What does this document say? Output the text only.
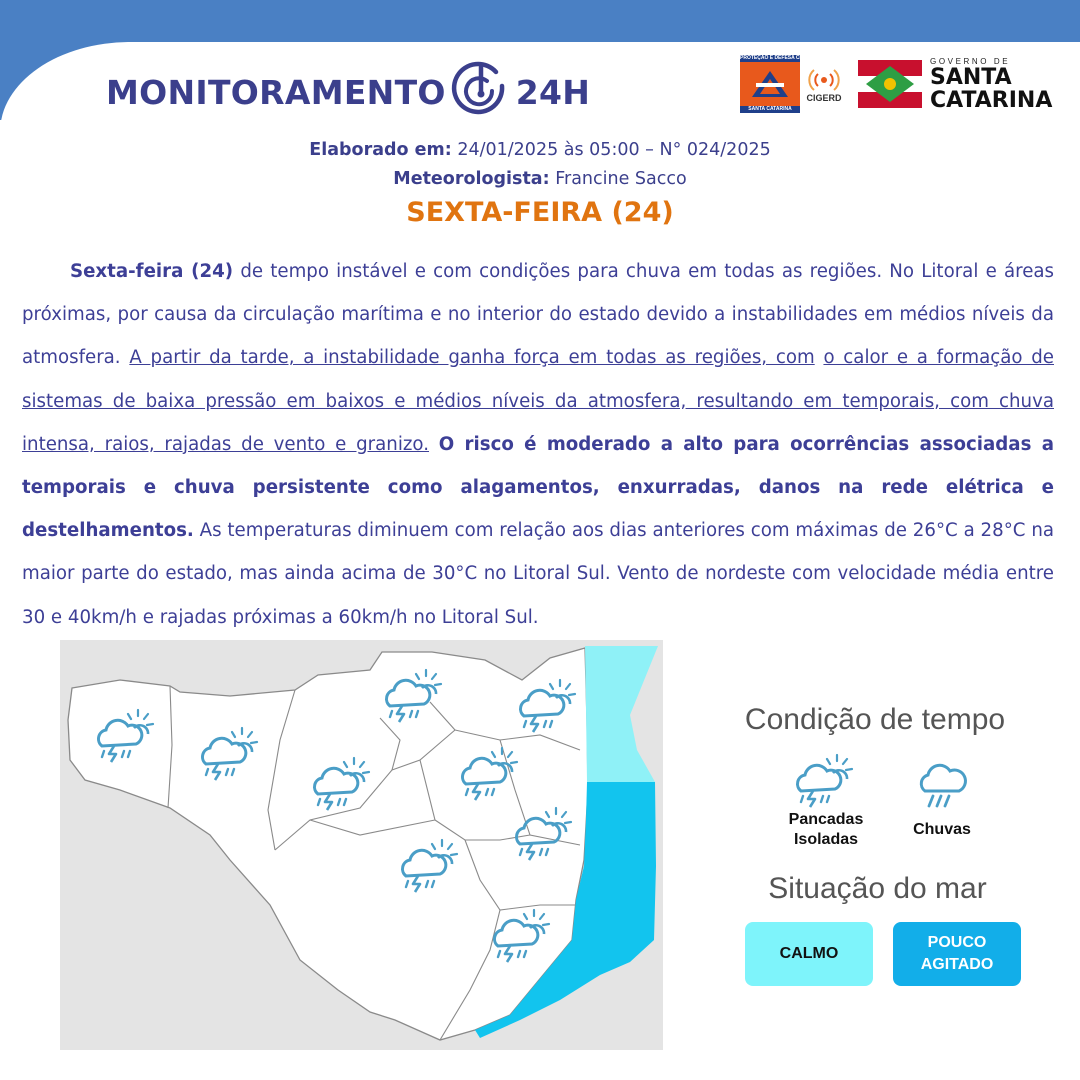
MONITORAMENTO 24H
PROTEÇÃO E DEFESA CIVIL
SANTA CATARINA
CIGERD
GOVERNO DE
SANTA
CATARINA
Elaborado em: 24/01/2025 às 05:00 – N° 024/2025
Meteorologista: Francine Sacco
SEXTA-FEIRA (24)
Sexta-feira (24) de tempo instável e com condições para chuva em todas as regiões. No Litoral e áreas próximas, por causa da circulação marítima e no interior do estado devido a instabilidades em médios níveis da atmosfera. A partir da tarde, a instabilidade ganha força em todas as regiões, com o calor e a formação de sistemas de baixa pressão em baixos e médios níveis da atmosfera, resultando em temporais, com chuva intensa, raios, rajadas de vento e granizo. O risco é moderado a alto para ocorrências associadas a temporais e chuva persistente como alagamentos, enxurradas, danos na rede elétrica e destelhamentos. As temperaturas diminuem com relação aos dias anteriores com máximas de 26°C a 28°C na maior parte do estado, mas ainda acima de 30°C no Litoral Sul. Vento de nordeste com velocidade média entre 30 e 40km/h e rajadas próximas a 60km/h no Litoral Sul.
Condição de tempo
Pancadas
Isoladas
Chuvas
Situação do mar
CALMO
POUCO
AGITADO
